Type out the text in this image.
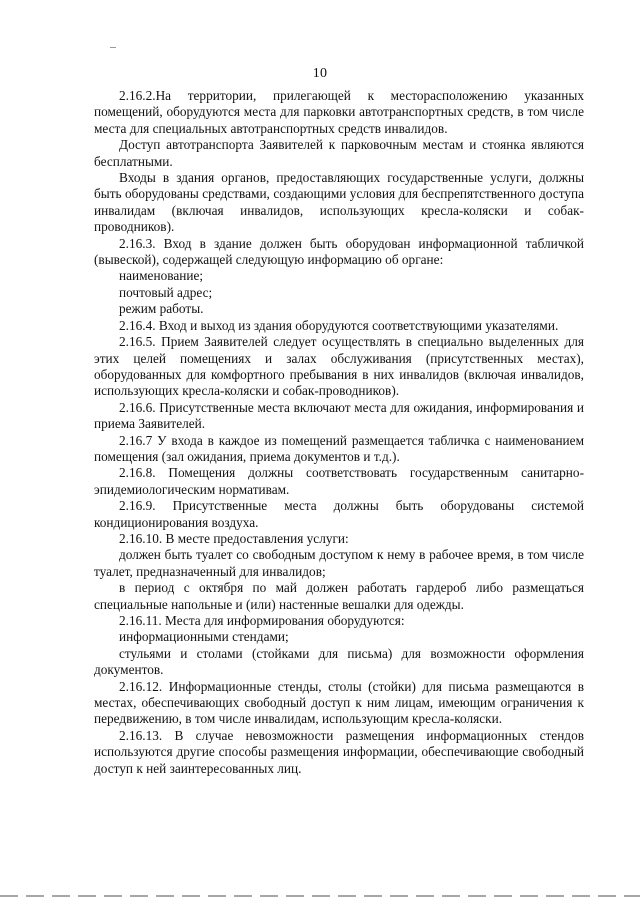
10

2.16.2.На территории, прилегающей к месторасположению указанных помещений, оборудуются места для парковки автотранспортных средств, в том числе места для специальных автотранспортных средств инвалидов.

Доступ автотранспорта Заявителей к парковочным местам и стоянка являются бесплатными.

Входы в здания органов, предоставляющих государственные услуги, должны быть оборудованы средствами, создающими условия для беспрепятственного доступа инвалидам (включая инвалидов, использующих кресла-коляски и собак-проводников).

2.16.3. Вход в здание должен быть оборудован информационной табличкой (вывеской), содержащей следующую информацию об органе:

наименование;

почтовый адрес;

режим работы.

2.16.4. Вход и выход из здания оборудуются соответствующими указателями.

2.16.5. Прием Заявителей следует осуществлять в специально выделенных для этих целей помещениях и залах обслуживания (присутственных местах), оборудованных для комфортного пребывания в них инвалидов (включая инвалидов, использующих кресла-коляски и собак-проводников).

2.16.6. Присутственные места включают места для ожидания, информирования и приема Заявителей.

2.16.7 У входа в каждое из помещений размещается табличка с наименованием помещения (зал ожидания, приема документов и т.д.).

2.16.8. Помещения должны соответствовать государственным санитарно-эпидемиологическим нормативам.

2.16.9. Присутственные места должны быть оборудованы системой кондиционирования воздуха.

2.16.10. В месте предоставления услуги:

должен быть туалет со свободным доступом к нему в рабочее время, в том числе туалет, предназначенный для инвалидов;

в период с октября по май должен работать гардероб либо размещаться специальные напольные и (или) настенные вешалки для одежды.

2.16.11. Места для информирования оборудуются:

информационными стендами;

стульями и столами (стойками для письма) для возможности оформления документов.

2.16.12. Информационные стенды, столы (стойки) для письма размещаются в местах, обеспечивающих свободный доступ к ним лицам, имеющим ограничения к передвижению, в том числе инвалидам, использующим кресла-коляски.

2.16.13. В случае невозможности размещения информационных стендов используются другие способы размещения информации, обеспечивающие свободный доступ к ней заинтересованных лиц.
